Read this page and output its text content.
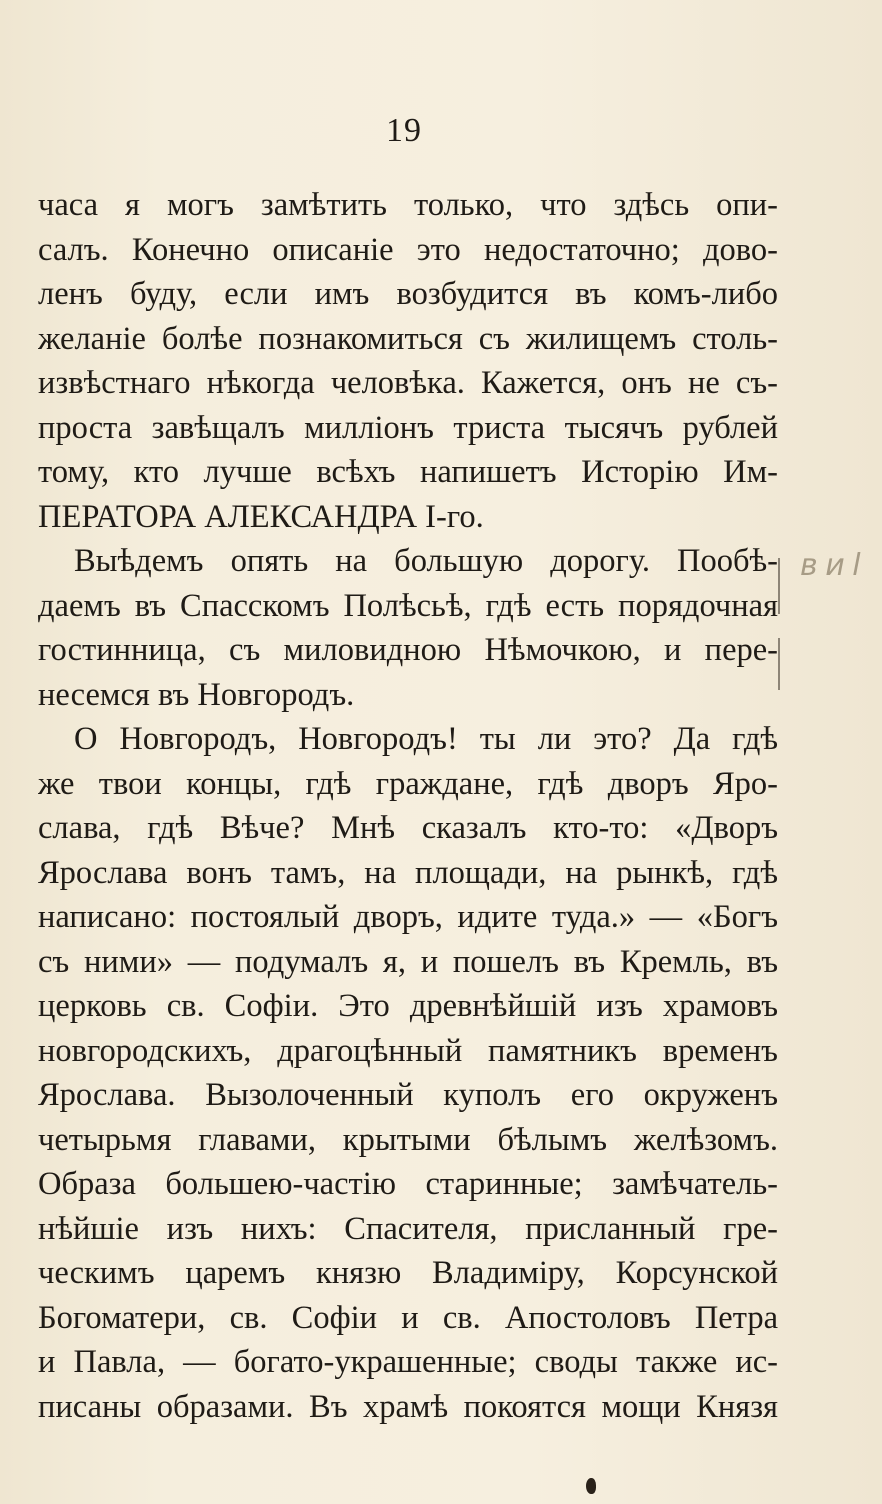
19
часа я могъ замѣтить только, что здѣсь опи-
салъ. Конечно описаніе это недостаточно; дово-
ленъ буду, если имъ возбудится въ комъ-либо
желаніе болѣе познакомиться съ жилищемъ столь-
извѣстнаго нѣкогда человѣка. Кажется, онъ не съ-
проста завѣщалъ милліонъ триста тысячъ рублей
тому, кто лучше всѣхъ напишетъ Исторію Им-
ПЕРАТОРА АЛЕКСАНДРА І-го.
Выѣдемъ опять на большую дорогу. Пообѣ-
даемъ въ Спасскомъ Полѣсьѣ, гдѣ есть порядочная
гостинница, съ миловидною Нѣмочкою, и пере-
несемся въ Новгородъ.
О Новгородъ, Новгородъ! ты ли это? Да гдѣ
же твои концы, гдѣ граждане, гдѣ дворъ Яро-
слава, гдѣ Вѣче? Мнѣ сказалъ кто-то: «Дворъ
Ярослава вонъ тамъ, на площади, на рынкѣ, гдѣ
написано: постоялый дворъ, идите туда.» — «Богъ
съ ними» — подумалъ я, и пошелъ въ Кремль, въ
церковь св. Софіи. Это древнѣйшій изъ храмовъ
новгородскихъ, драгоцѣнный памятникъ временъ
Ярослава. Вызолоченный куполъ его окруженъ
четырьмя главами, крытыми бѣлымъ желѣзомъ.
Образа большею-частію старинные; замѣчатель-
нѣйшіе изъ нихъ: Спасителя, присланный гре-
ческимъ царемъ князю Владиміру, Корсунской
Богоматери, св. Софіи и св. Апостоловъ Петра
и Павла, — богато-украшенные; своды также ис-
писаны образами. Въ храмѣ покоятся мощи Князя
в и l
